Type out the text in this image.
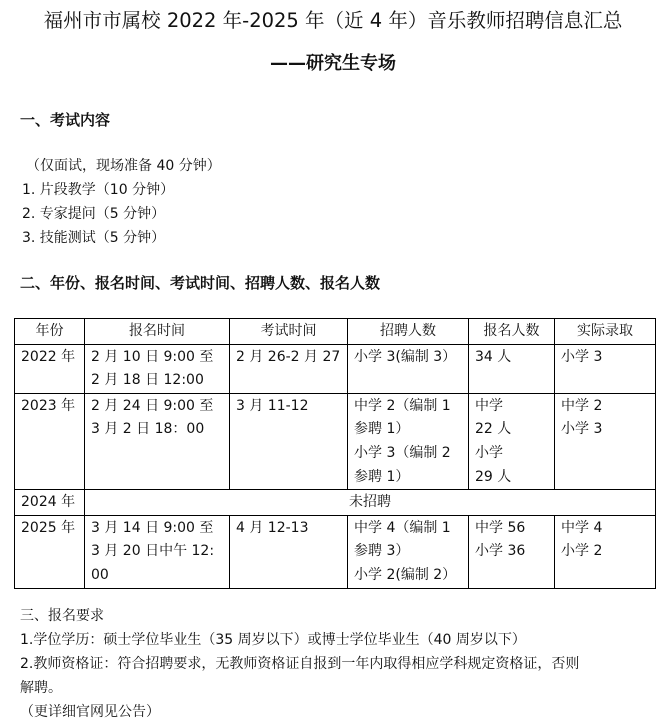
福州市市属校 2022 年-2025 年（近 4 年）音乐教师招聘信息汇总
——研究生专场
一、考试内容
（仅面试，现场准备 40 分钟）
1. 片段教学（10 分钟）
2. 专家提问（5 分钟）
3. 技能测试（5 分钟）
二、年份、报名时间、考试时间、招聘人数、报名人数
年份	报名时间	考试时间	招聘人数	报名人数	实际录取
2022 年	2 月 10 日 9:00 至
2 月 18 日 12:00	2 月 26-2 月 27	小学 3(编制 3）	34 人	小学 3

2023 年	2 月 24 日 9:00 至
3 月 2 日 18：00	3 月 11-12	中学 2（编制 1
参聘 1）
小学 3（编制 2
参聘 1）	中学
22 人
小学
29 人	中学 2
小学 3

2024 年	未招聘				
2025 年	3 月 14 日 9:00 至
3 月 20 日中午 12:
00	4 月 12-13	中学 4（编制 1
参聘 3）
小学 2(编制 2）	中学 56
小学 36	中学 4
小学 2
三、报名要求
1.学位学历：硕士学位毕业生（35 周岁以下）或博士学位毕业生（40 周岁以下）
2.教师资格证：符合招聘要求，无教师资格证自报到一年内取得相应学科规定资格证，否则
解聘。
（更详细官网见公告）
